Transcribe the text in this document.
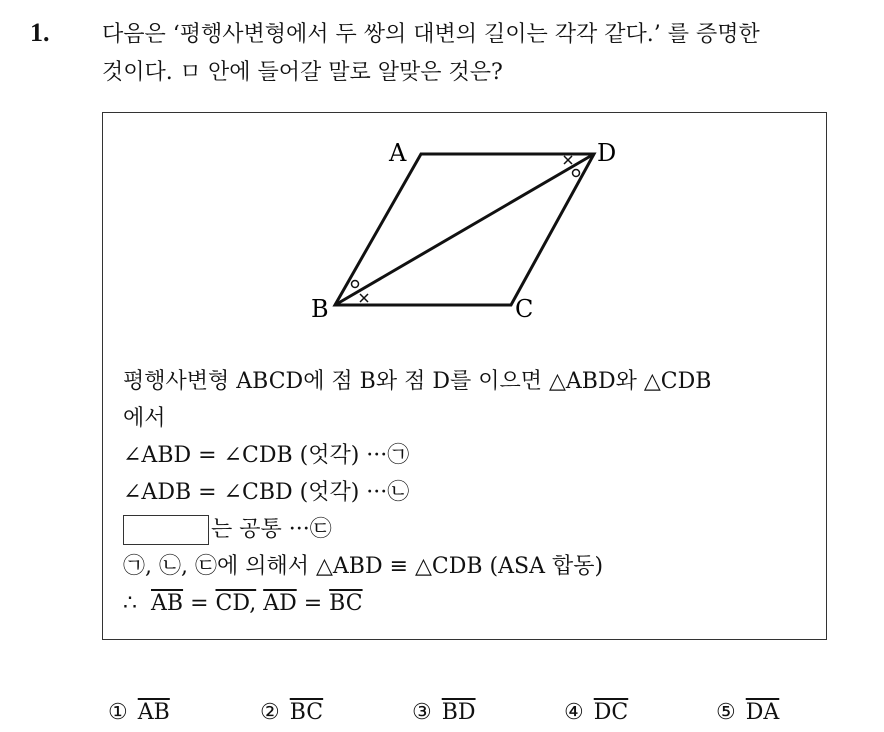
1. 다음은 ‘평행사변형에서 두 쌍의 대변의 길이는 각각 같다.’ 를 증명한
것이다. ㅁ 안에 들어갈 말로 알맞은 것은?
A	D
B	C
평행사변형 ABCD에 점 B와 점 D를 이으면 △ABD와 △CDB
에서
∠ABD = ∠CDB (엇각) ···㉠
∠ADB = ∠CBD (엇각) ···㉡
는 공통 ···㉢
㉠, ㉡, ㉢에 의해서 △ABD ≡ △CDB (ASA 합동)
∴ $\overline{AB}$ = CD, $\overline{AD} = \overline{BC}$
① $\overline{AB}$	② $\overline{BC}$	③ $\overline{BD}$	④ $\overline{DC}$	⑤ $\overline{DA}$
